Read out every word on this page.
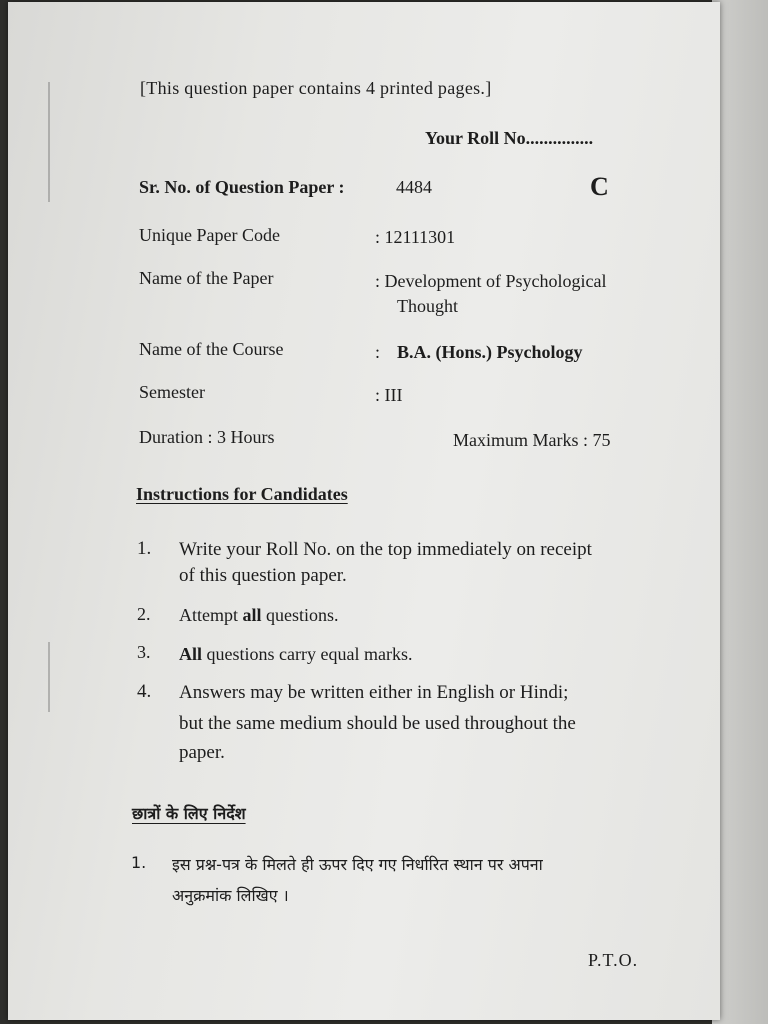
[This question paper contains 4 printed pages.]
Your Roll No...............
Sr. No. of Question Paper :	4484	C
Unique Paper Code	: 12111301
Name of the Paper	: Development of Psychological
Thought
Name of the Course	: B.A. (Hons.) Psychology
Semester	: III
Duration : 3 Hours	Maximum Marks : 75
Instructions for Candidates
1. Write your Roll No. on the top immediately on receipt
of this question paper.
2. Attempt all questions.
3. All questions carry equal marks.
4. Answers may be written either in English or Hindi;
but the same medium should be used throughout the
paper.
छात्रों के लिए निर्देश
1. इस प्रश्न-पत्र के मिलते ही ऊपर दिए गए निर्धारित स्थान पर अपना
अनुक्रमांक लिखिए ।
P.T.O.
